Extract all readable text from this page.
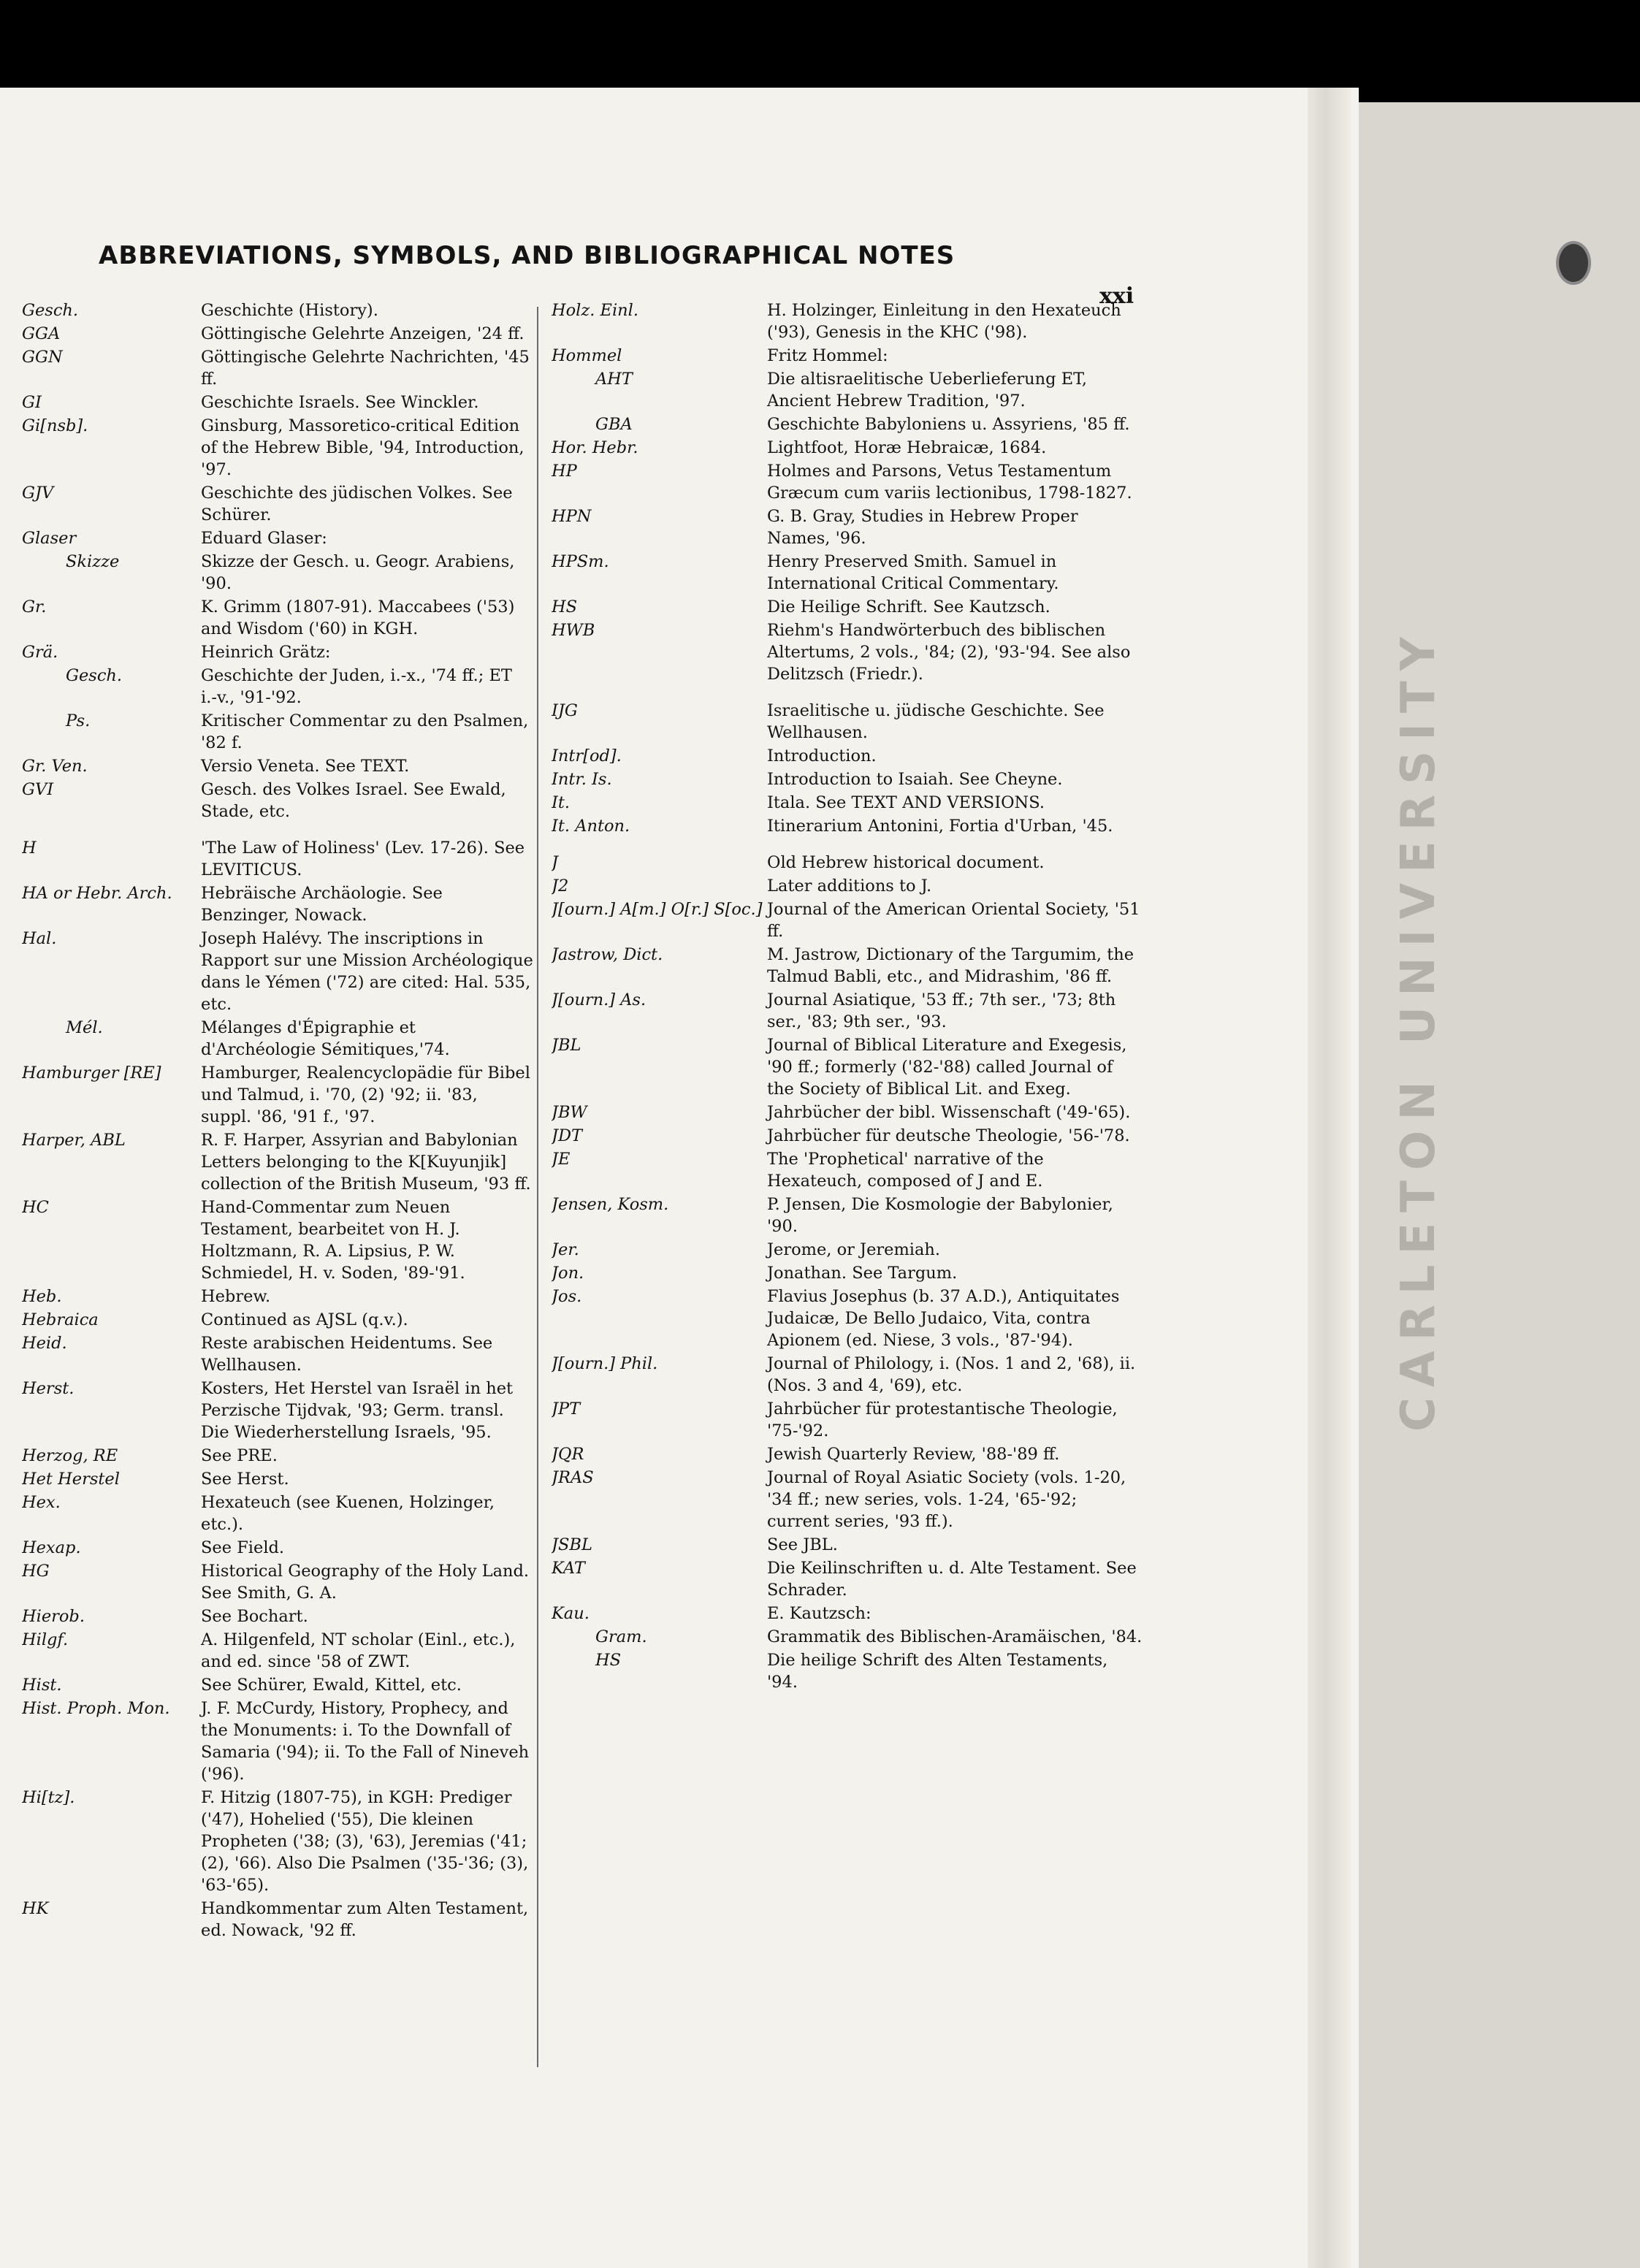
CARLETON UNIVERSITY
ABBREVIATIONS, SYMBOLS, AND BIBLIOGRAPHICAL NOTES
xxi
Gesch.	Geschichte (History).
GGA	Göttingische Gelehrte Anzeigen, '24 ff.
GGN	Göttingische Gelehrte Nachrichten, '45 ff.
GI	Geschichte Israels. See Winckler.
Gi[nsb].	Ginsburg, Massoretico-critical Edition of the Hebrew Bible, '94, Introduction, '97.
GJV	Geschichte des jüdischen Volkes. See Schürer.
Glaser	Eduard Glaser:
Skizze	Skizze der Gesch. u. Geogr. Arabiens, '90.
Gr.	K. Grimm (1807-91). Maccabees ('53) and Wisdom ('60) in KGH.
Grä.	Heinrich Grätz:
Gesch.	Geschichte der Juden, i.-x., '74 ff.; ET i.-v., '91-'92.
Ps.	Kritischer Commentar zu den Psalmen, '82 f.
Gr. Ven.	Versio Veneta. See TEXT.
GVI	Gesch. des Volkes Israel. See Ewald, Stade, etc.
H	'The Law of Holiness' (Lev. 17-26). See LEVITICUS.
HA or Hebr. Arch.	Hebräische Archäologie. See Benzinger, Nowack.
Hal.	Joseph Halévy. The inscriptions in Rapport sur une Mission Archéologique dans le Yémen ('72) are cited: Hal. 535, etc.
Mél.	Mélanges d'Épigraphie et d'Archéologie Sémitiques,'74.
Hamburger [RE]	Hamburger, Realencyclopädie für Bibel und Talmud, i. '70, (2) '92; ii. '83, suppl. '86, '91 f., '97.
Harper, ABL	R. F. Harper, Assyrian and Babylonian Letters belonging to the K[Kuyunjik] collection of the British Museum, '93 ff.
HC	Hand-Commentar zum Neuen Testament, bearbeitet von H. J. Holtzmann, R. A. Lipsius, P. W. Schmiedel, H. v. Soden, '89-'91.
Heb.	Hebrew.
Hebraica	Continued as AJSL (q.v.).
Heid.	Reste arabischen Heidentums. See Wellhausen.
Herst.	Kosters, Het Herstel van Israël in het Perzische Tijdvak, '93; Germ. transl. Die Wiederherstellung Israels, '95.
Herzog, RE	See PRE.
Het Herstel	See Herst.
Hex.	Hexateuch (see Kuenen, Holzinger, etc.).
Hexap.	See Field.
HG	Historical Geography of the Holy Land. See Smith, G. A.
Hierob.	See Bochart.
Hilgf.	A. Hilgenfeld, NT scholar (Einl., etc.), and ed. since '58 of ZWT.
Hist.	See Schürer, Ewald, Kittel, etc.
Hist. Proph. Mon.	J. F. McCurdy, History, Prophecy, and the Monuments: i. To the Downfall of Samaria ('94); ii. To the Fall of Nineveh ('96).
Hi[tz].	F. Hitzig (1807-75), in KGH: Prediger ('47), Hohelied ('55), Die kleinen Propheten ('38; (3), '63), Jeremias ('41; (2), '66). Also Die Psalmen ('35-'36; (3), '63-'65).
HK	Handkommentar zum Alten Testament, ed. Nowack, '92 ff.
Holz. Einl.	H. Holzinger, Einleitung in den Hexateuch ('93), Genesis in the KHC ('98).
Hommel	Fritz Hommel:
AHT	Die altisraelitische Ueberlieferung ET, Ancient Hebrew Tradition, '97.
GBA	Geschichte Babyloniens u. Assyriens, '85 ff.
Hor. Hebr.	Lightfoot, Horæ Hebraicæ, 1684.
HP	Holmes and Parsons, Vetus Testamentum Græcum cum variis lectionibus, 1798-1827.
HPN	G. B. Gray, Studies in Hebrew Proper Names, '96.
HPSm.	Henry Preserved Smith. Samuel in International Critical Commentary.
HS	Die Heilige Schrift. See Kautzsch.
HWB	Riehm's Handwörterbuch des biblischen Altertums, 2 vols., '84; (2), '93-'94. See also Delitzsch (Friedr.).
IJG	Israelitische u. jüdische Geschichte. See Wellhausen.
Intr[od].	Introduction.
Intr. Is.	Introduction to Isaiah. See Cheyne.
It.	Itala. See TEXT AND VERSIONS.
It. Anton.	Itinerarium Antonini, Fortia d'Urban, '45.
J	Old Hebrew historical document.
J2	Later additions to J.
J[ourn.] A[m.] O[r.] S[oc.] Journal of the American Oriental Society, '51 ff.
Jastrow, Dict.	M. Jastrow, Dictionary of the Targumim, the Talmud Babli, etc., and Midrashim, '86 ff.
J[ourn.] As.	Journal Asiatique, '53 ff.; 7th ser., '73; 8th ser., '83; 9th ser., '93.
JBL	Journal of Biblical Literature and Exegesis, '90 ff.; formerly ('82-'88) called Journal of the Society of Biblical Lit. and Exeg.
JBW	Jahrbücher der bibl. Wissenschaft ('49-'65).
JDT	Jahrbücher für deutsche Theologie, '56-'78.
JE	The 'Prophetical' narrative of the Hexateuch, composed of J and E.
Jensen, Kosm.	P. Jensen, Die Kosmologie der Babylonier, '90.
Jer.	Jerome, or Jeremiah.
Jon.	Jonathan. See Targum.
Jos.	Flavius Josephus (b. 37 A.D.), Antiquitates Judaicæ, De Bello Judaico, Vita, contra Apionem (ed. Niese, 3 vols., '87-'94).
J[ourn.] Phil.	Journal of Philology, i. (Nos. 1 and 2, '68), ii. (Nos. 3 and 4, '69), etc.
JPT	Jahrbücher für protestantische Theologie, '75-'92.
JQR	Jewish Quarterly Review, '88-'89 ff.
JRAS	Journal of Royal Asiatic Society (vols. 1-20, '34 ff.; new series, vols. 1-24, '65-'92; current series, '93 ff.).
JSBL	See JBL.
KAT	Die Keilinschriften u. d. Alte Testament. See Schrader.
Kau.	E. Kautzsch:
Gram.	Grammatik des Biblischen-Aramäischen, '84.
HS	Die heilige Schrift des Alten Testaments, '94.
